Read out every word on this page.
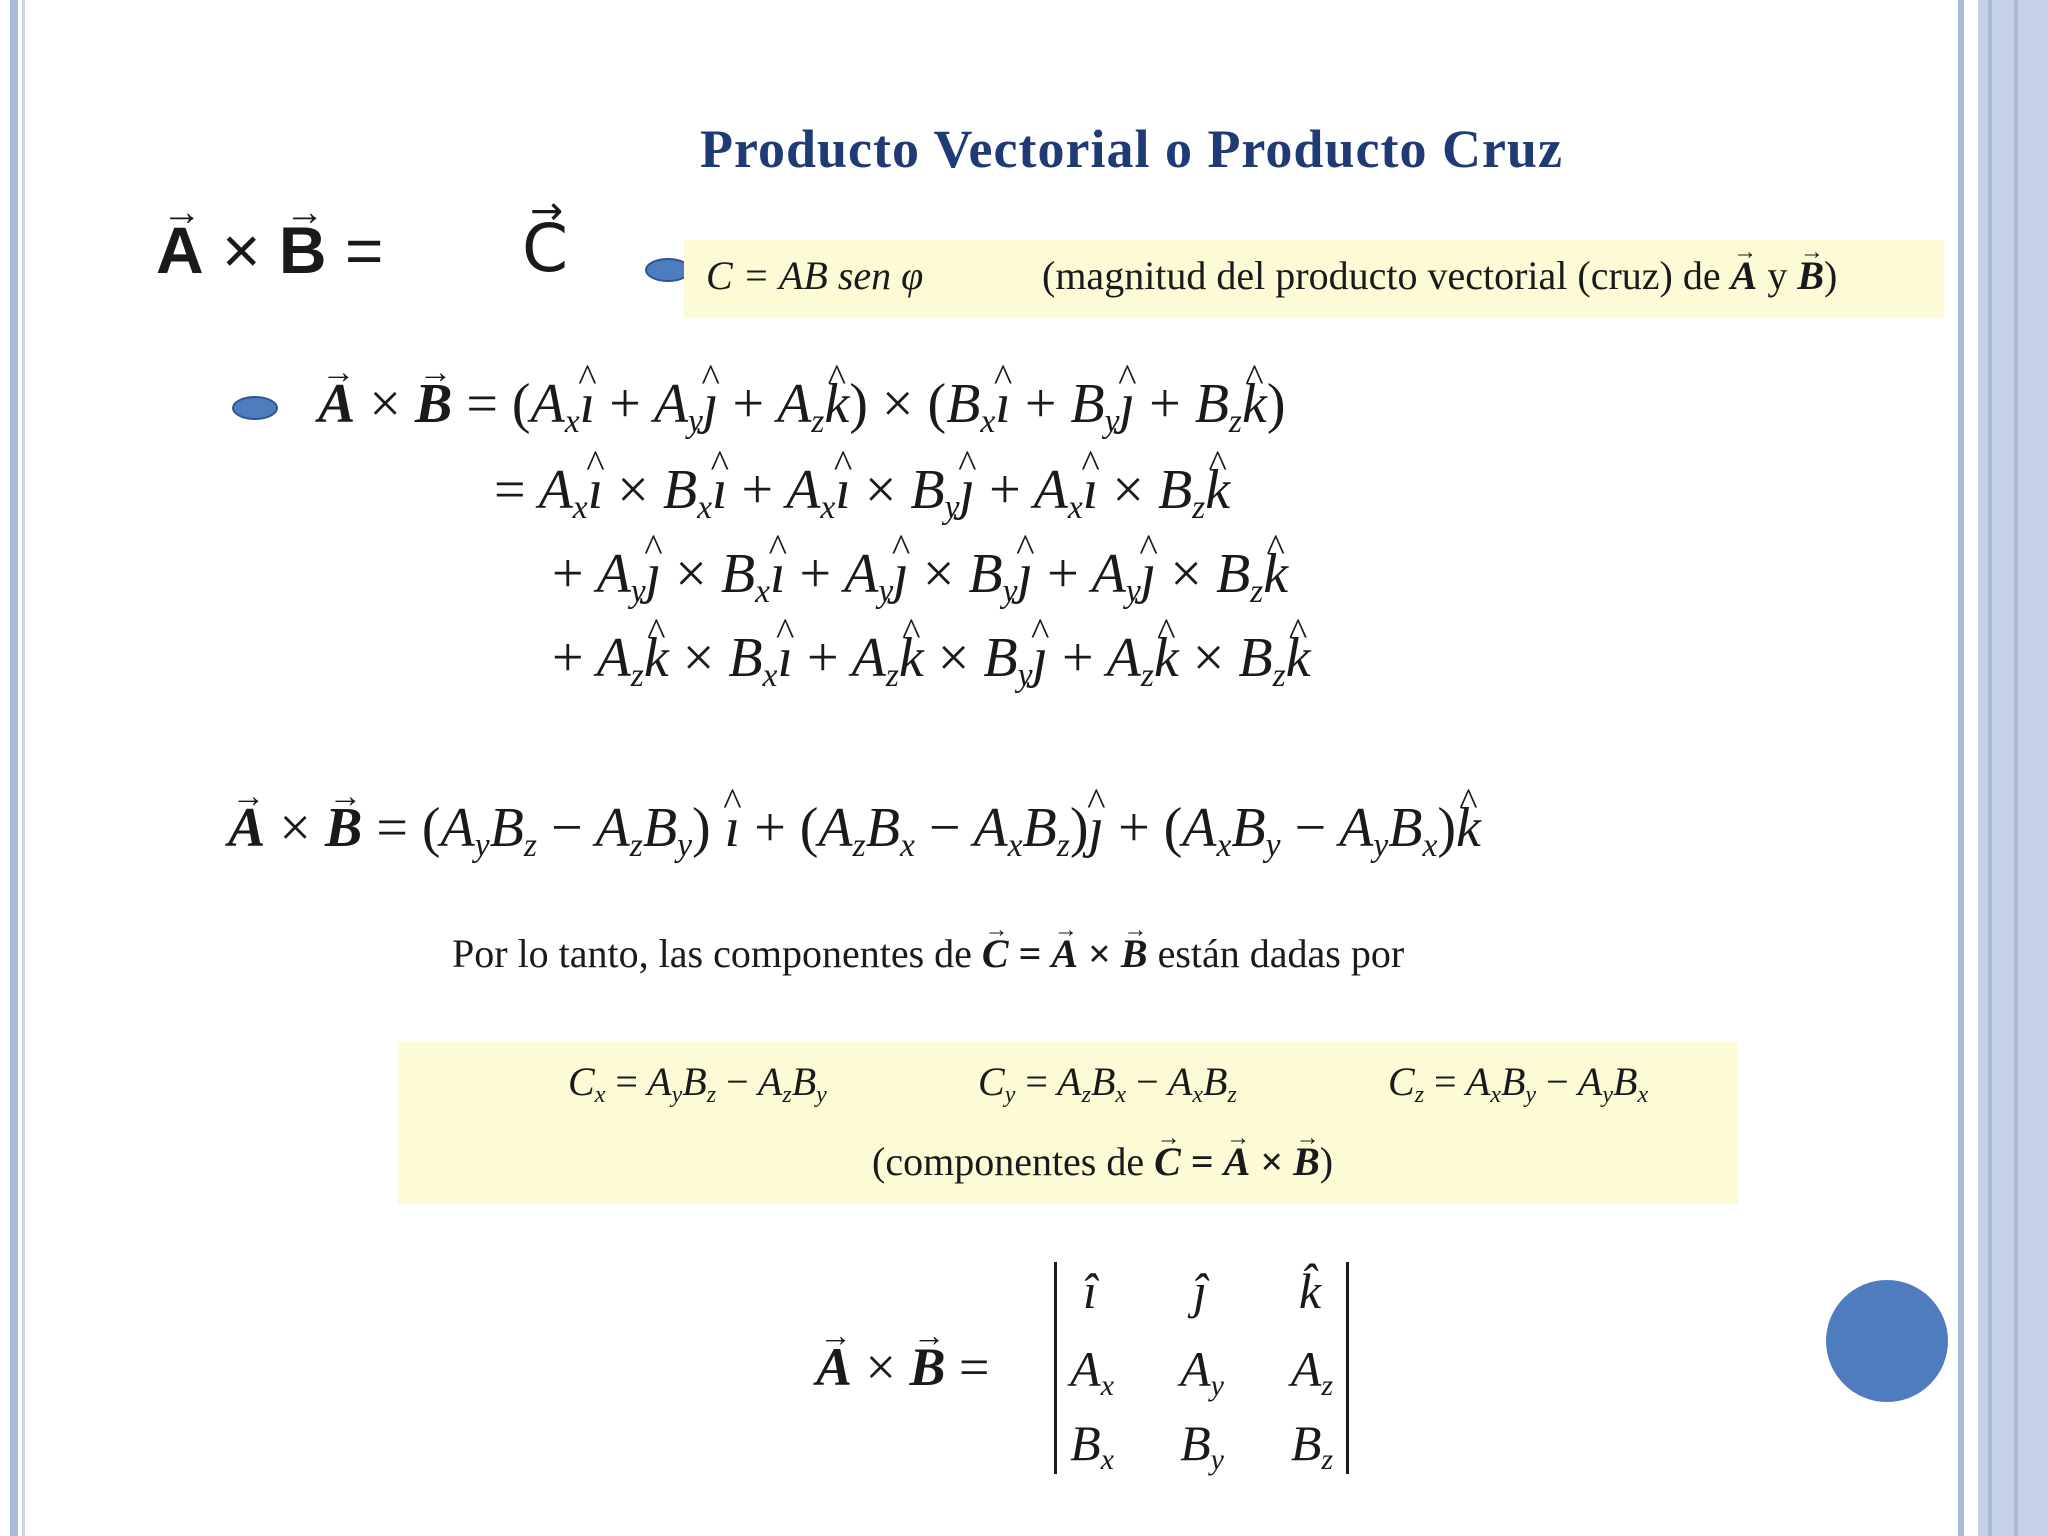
Producto Vectorial o Producto Cruz
→ A × → B = → C	C = AB sen φ	(magnitud del producto vectorial (cruz) de → A y → B)
→ A × → $B = (A_x\^{}$ ı + $A_y\^{}$ ȷ + $A_z\^{}$ $k) \times (B_x\^{}$ ı + $B_y\^{}$ ȷ + $B_z\^{}$ k)
= $A_x\^{}$ ı × $B_x\^{}$ ı + $A_x\^{}$ ı × $B_y\^{}$ ȷ + $A_x\^{}$ ı × $B_z\^{}$ k
+ $A_y\^{}$ ȷ × $B_x\^{}$ ı + $A_y\^{}$ ȷ × $B_y\^{}$ ȷ + $A_y\^{}$ ȷ × $B_z\^{}$ k
+ $A_z\^{}$ $k \times B_x\^{}$ ı + $A_z\^{}$ $k \times B_y\^{}$ ȷ + $A_z\^{}$ $k \times B_z\^{}$ k
→ A × → $B = (A_yB_z - A_zB_y)$ ^ ı + ($A_zB_x$ − $A_xB_z)\^{}$ ȷ + ($A_xB_y$ − $A_yB_x)\^{}$ k
Por lo tanto, las componentes de → C = → A × → B están dadas por
$C_x = A_yB_z - A_zB_y$	$C_y = A_zB_x - A_xB_z$	$C_z = A_xB_y - A_yB_x$
(componentes de → C = → A × → B)
→ A × → B =
î	ĵ	k̂
$A_x$	$A_y$	$A_z$
$B_x$	$B_y$	$B_z$
